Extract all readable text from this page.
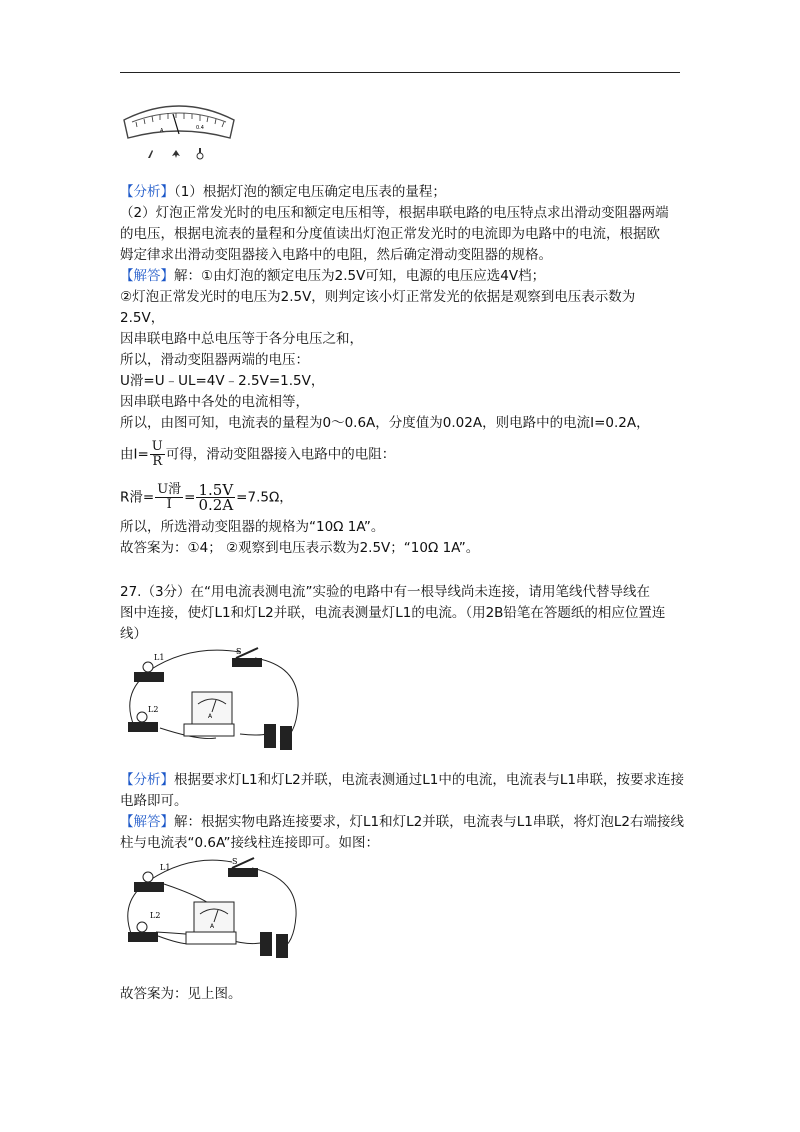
A	0.4
【分析】（1）根据灯泡的额定电压确定电压表的量程；
（2）灯泡正常发光时的电压和额定电压相等，根据串联电路的电压特点求出滑动变阻器两端
的电压，根据电流表的量程和分度值读出灯泡正常发光时的电流即为电路中的电流，根据欧
姆定律求出滑动变阻器接入电路中的电阻，然后确定滑动变阻器的规格。
【解答】解：①由灯泡的额定电压为2.5V可知，电源的电压应选4V档；
②灯泡正常发光时的电压为2.5V，则判定该小灯正常发光的依据是观察到电压表示数为
2.5V，
因串联电路中总电压等于各分电压之和，
所以，滑动变阻器两端的电压：
U滑=U﹣UL=4V﹣2.5V=1.5V，
因串联电路中各处的电流相等，
所以，由图可知，电流表的量程为0～0.6A，分度值为0.02A，则电路中的电流I=0.2A，
由$I= \frac{U}{R}$ 可得，滑动变阻器接入电路中的电阻：
R滑= $\frac{\text{U滑}}{I} = \frac{1.5V}{0.2A} =7.5\Omega$，
所以，所选滑动变阻器的规格为“10Ω 1A”。
故答案为：①4； ②观察到电压表示数为2.5V；“10Ω 1A”。
27.（3分）在“用电流表测电流”实验的电路中有一根导线尚未连接，请用笔线代替导线在
图中连接，使灯L1和灯L2并联，电流表测量灯L1的电流。（用2B铅笔在答题纸的相应位置连
线）
L1
L2
S
A
【分析】根据要求灯L1和灯L2并联，电流表测通过L1中的电流，电流表与L1串联，按要求连接
电路即可。
【解答】解：根据实物电路连接要求，灯L1和灯L2并联，电流表与L1串联，将灯泡L2右端接线
柱与电流表“0.6A”接线柱连接即可。如图：
L1
L2
S
A
故答案为：见上图。
